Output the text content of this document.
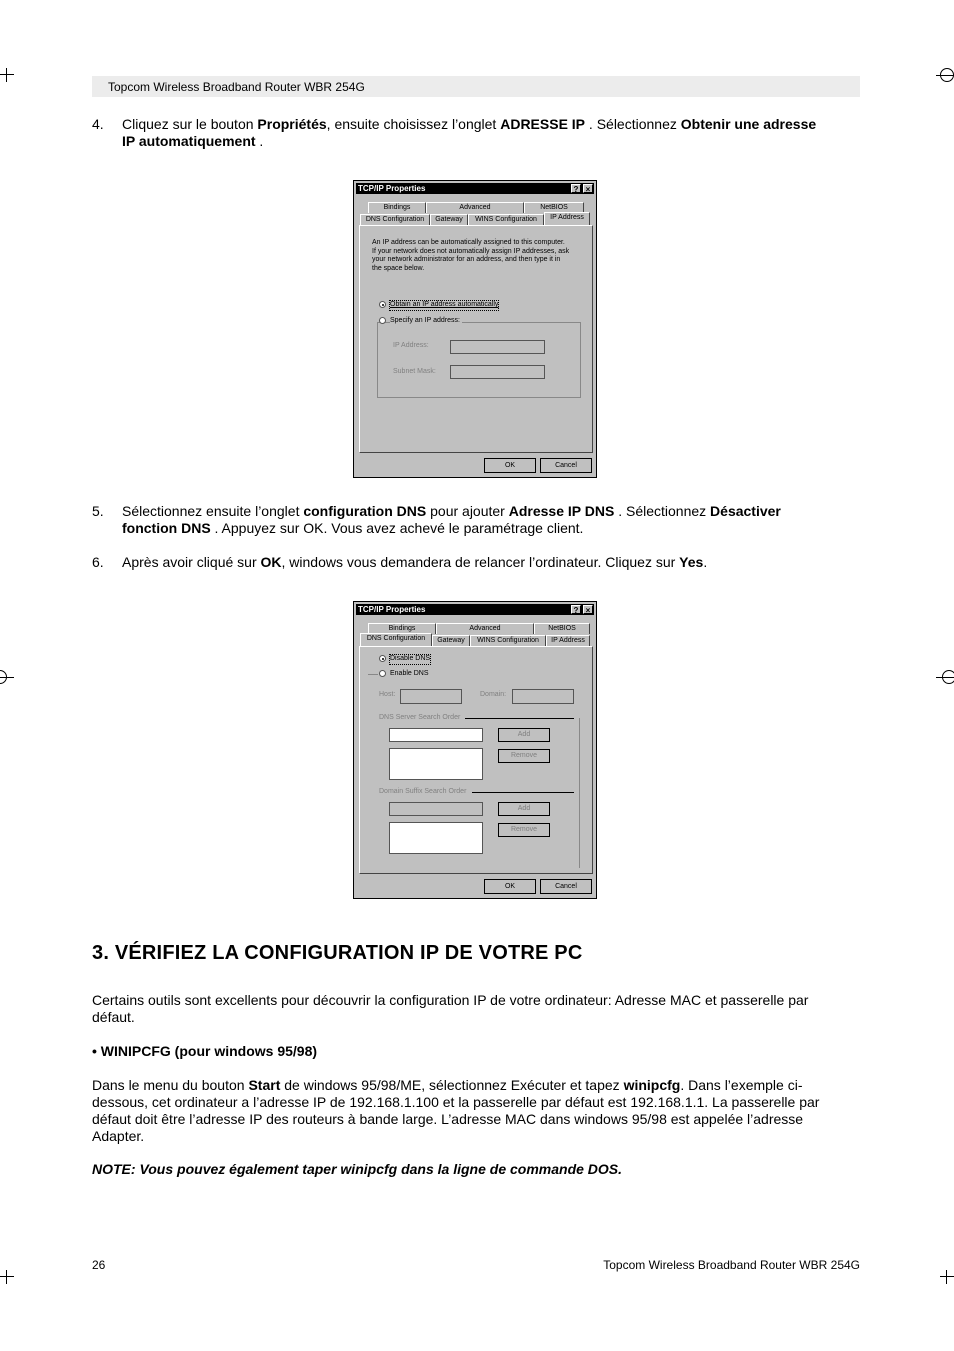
Topcom Wireless Broadband Router WBR 254G
4. Cliquez sur le bouton Propriétés, ensuite choisissez l’onglet ADRESSE IP . Sélectionnez Obtenir une adresse
IP automatiquement .
TCP/IP Properties	? ×
Bindings	Advanced	NetBIOS
DNS Configuration	Gateway	WINS Configuration	IP Address
An IP address can be automatically assigned to this computer.
If your network does not automatically assign IP addresses, ask
your network administrator for an address, and then type it in
the space below.
Obtain an IP address automatically
Specify an IP address:
IP Address:
Subnet Mask:
OK	Cancel
5. Sélectionnez ensuite l’onglet configuration DNS pour ajouter Adresse IP DNS . Sélectionnez Désactiver
fonction DNS . Appuyez sur OK. Vous avez achevé le paramétrage client.
6. Après avoir cliqué sur OK, windows vous demandera de relancer l’ordinateur. Cliquez sur Yes.
TCP/IP Properties	? ×
Bindings	Advanced	NetBIOS
DNS Configuration	Gateway	WINS Configuration	IP Address
Disable DNS
Enable DNS
Host:	Domain:
DNS Server Search Order
Add
Remove
Domain Suffix Search Order
Add
Remove
OK	Cancel
3. VÉRIFIEZ LA CONFIGURATION IP DE VOTRE PC
Certains outils sont excellents pour découvrir la configuration IP de votre ordinateur: Adresse MAC et passerelle par
défaut.
• WINIPCFG (pour windows 95/98)
Dans le menu du bouton Start de windows 95/98/ME, sélectionnez Exécuter et tapez winipcfg. Dans l’exemple ci-
dessous, cet ordinateur a l’adresse IP de 192.168.1.100 et la passerelle par défaut est 192.168.1.1. La passerelle par
défaut doit être l’adresse IP des routeurs à bande large. L’adresse MAC dans windows 95/98 est appelée l’adresse
Adapter.
NOTE: Vous pouvez également taper winipcfg dans la ligne de commande DOS.
26	Topcom Wireless Broadband Router WBR 254G
